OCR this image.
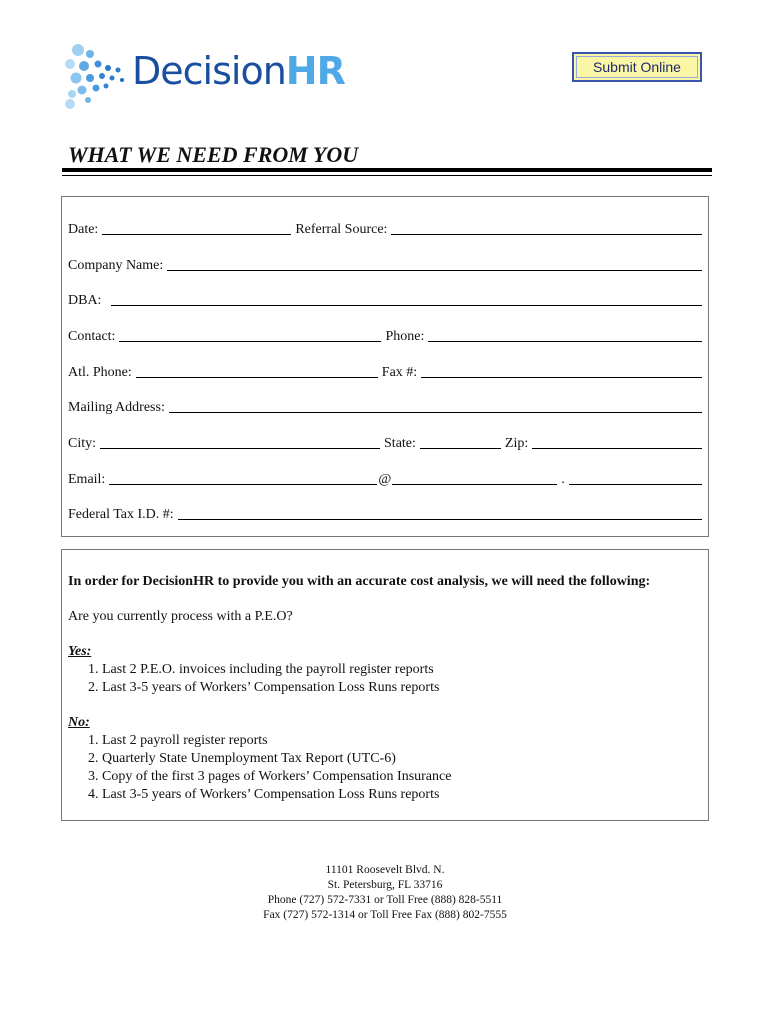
DecisionHR	Submit Online
WHAT WE NEED FROM YOU
Date:	Referral Source:
Company Name:
DBA:
Contact:	Phone:
Atl. Phone:	Fax #:
Mailing Address:
City:	State:	Zip:
Email:	@	.
Federal Tax I.D. #:
In order for DecisionHR to provide you with an accurate cost analysis, we will need the following:
Are you currently process with a P.E.O?
Yes:
1. Last 2 P.E.O. invoices including the payroll register reports
2. Last 3-5 years of Workers’ Compensation Loss Runs reports
No:
1. Last 2 payroll register reports
2. Quarterly State Unemployment Tax Report (UTC-6)
3. Copy of the first 3 pages of Workers’ Compensation Insurance
4. Last 3-5 years of Workers’ Compensation Loss Runs reports
11101 Roosevelt Blvd. N.
St. Petersburg, FL 33716
Phone (727) 572-7331 or Toll Free (888) 828-5511
Fax (727) 572-1314 or Toll Free Fax (888) 802-7555
